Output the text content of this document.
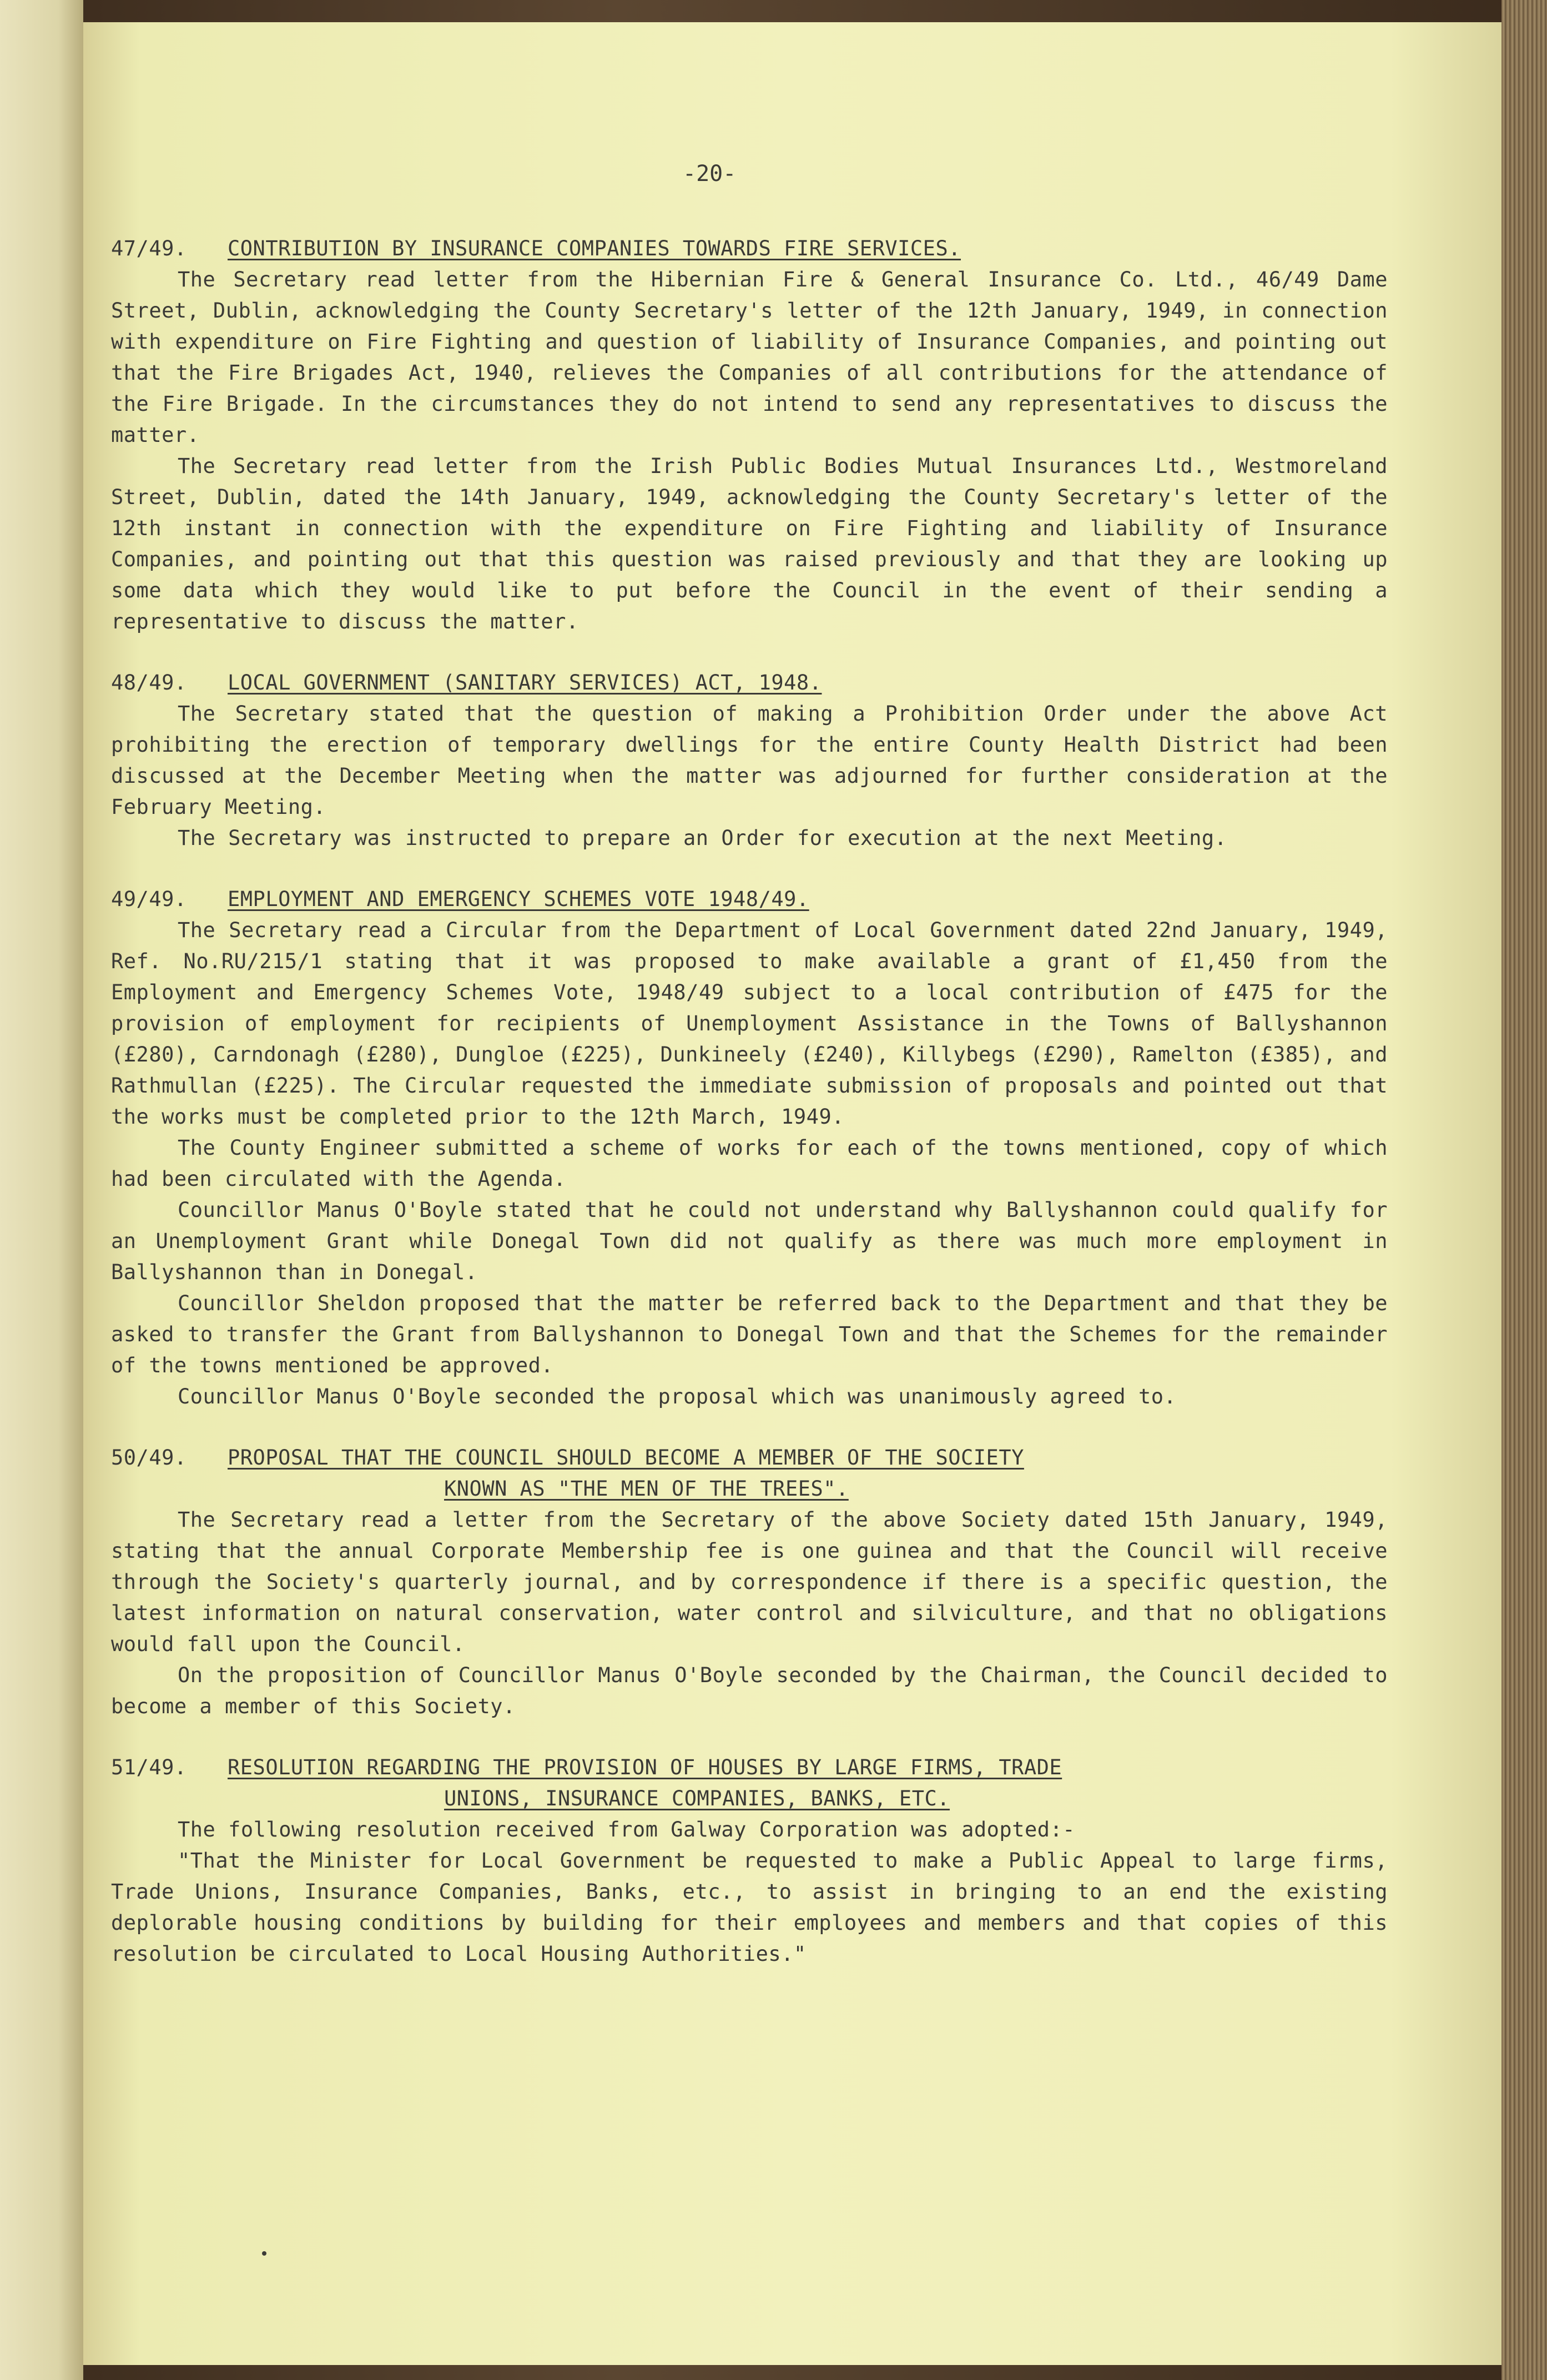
-20-
47/49.	CONTRIBUTION BY INSURANCE COMPANIES TOWARDS FIRE SERVICES.

The Secretary read letter from the Hibernian Fire & General Insurance Co. Ltd., 46/49 Dame Street, Dublin, acknowledging the County Secretary's letter of the 12th January, 1949, in connection with expenditure on Fire Fighting and question of liability of Insurance Companies, and pointing out that the Fire Brigades Act, 1940, relieves the Companies of all contributions for the attendance of the Fire Brigade. In the circumstances they do not intend to send any representatives to discuss the matter.

The Secretary read letter from the Irish Public Bodies Mutual Insurances Ltd., Westmoreland Street, Dublin, dated the 14th January, 1949, acknowledging the County Secretary's letter of the 12th instant in connection with the expenditure on Fire Fighting and liability of Insurance Companies, and pointing out that this question was raised previously and that they are looking up some data which they would like to put before the Council in the event of their sending a representative to discuss the matter.

48/49.	LOCAL GOVERNMENT (SANITARY SERVICES) ACT, 1948.

The Secretary stated that the question of making a Prohibition Order under the above Act prohibiting the erection of temporary dwellings for the entire County Health District had been discussed at the December Meeting when the matter was adjourned for further consideration at the February Meeting.

The Secretary was instructed to prepare an Order for execution at the next Meeting.

49/49.	EMPLOYMENT AND EMERGENCY SCHEMES VOTE 1948/49.

The Secretary read a Circular from the Department of Local Government dated 22nd January, 1949, Ref. No.RU/215/1 stating that it was proposed to make available a grant of £1,450 from the Employment and Emergency Schemes Vote, 1948/49 subject to a local contribution of £475 for the provision of employment for recipients of Unemployment Assistance in the Towns of Ballyshannon (£280), Carndonagh (£280), Dungloe (£225), Dunkineely (£240), Killybegs (£290), Ramelton (£385), and Rathmullan (£225). The Circular requested the immediate submission of proposals and pointed out that the works must be completed prior to the 12th March, 1949.

The County Engineer submitted a scheme of works for each of the towns mentioned, copy of which had been circulated with the Agenda.

Councillor Manus O'Boyle stated that he could not understand why Ballyshannon could qualify for an Unemployment Grant while Donegal Town did not qualify as there was much more employment in Ballyshannon than in Donegal.

Councillor Sheldon proposed that the matter be referred back to the Department and that they be asked to transfer the Grant from Ballyshannon to Donegal Town and that the Schemes for the remainder of the towns mentioned be approved.

Councillor Manus O'Boyle seconded the proposal which was unanimously agreed to.

50/49.	PROPOSAL THAT THE COUNCIL SHOULD BECOME A MEMBER OF THE SOCIETY
KNOWN AS "THE MEN OF THE TREES".

The Secretary read a letter from the Secretary of the above Society dated 15th January, 1949, stating that the annual Corporate Membership fee is one guinea and that the Council will receive through the Society's quarterly journal, and by correspondence if there is a specific question, the latest information on natural conservation, water control and silviculture, and that no obligations would fall upon the Council.

On the proposition of Councillor Manus O'Boyle seconded by the Chairman, the Council decided to become a member of this Society.

51/49.	RESOLUTION REGARDING THE PROVISION OF HOUSES BY LARGE FIRMS, TRADE
UNIONS, INSURANCE COMPANIES, BANKS, ETC.

The following resolution received from Galway Corporation was adopted:-

"That the Minister for Local Government be requested to make a Public Appeal to large firms, Trade Unions, Insurance Companies, Banks, etc., to assist in bringing to an end the existing deplorable housing conditions by building for their employees and members and that copies of this resolution be circulated to Local Housing Authorities."
